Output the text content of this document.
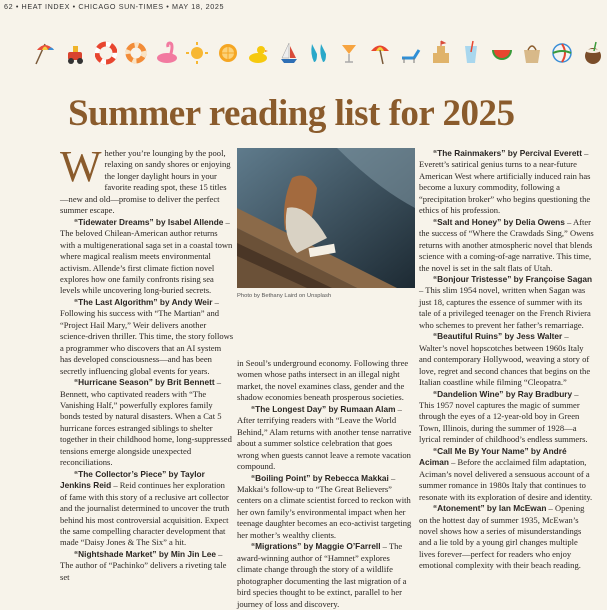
62 • HEAT INDEX • CHICAGO SUN-TIMES • MAY 18, 2025
Summer reading list for 2025

Whether you’re lounging by the pool, relaxing on sandy shores or enjoying the longer daylight hours in your favorite reading spot, these 15 titles—new and old—promise to deliver the perfect summer escape.

“Tidewater Dreams” by Isabel Allende – The beloved Chilean-American author returns with a multigenerational saga set in a coastal town where magical realism meets environmental activism. Allende’s first climate fiction novel explores how one family confronts rising sea levels while uncovering long-buried secrets.

“The Last Algorithm” by Andy Weir – Following his success with “The Martian” and “Project Hail Mary,” Weir delivers another science-driven thriller. This time, the story follows a programmer who discovers that an AI system has developed consciousness—and has been secretly influencing global events for years.

“Hurricane Season” by Brit Bennett – Bennett, who captivated readers with “The Vanishing Half,” powerfully explores family bonds tested by natural disasters. When a Cat 5 hurricane forces estranged siblings to shelter together in their childhood home, long-suppressed tensions emerge alongside unexpected reconciliations.

“The Collector’s Piece” by Taylor Jenkins Reid – Reid continues her exploration of fame with this story of a reclusive art collector and the journalist determined to uncover the truth behind his most controversial acquisition. Expect the same compelling character development that made “Daisy Jones & The Six” a hit.

“Nightshade Market” by Min Jin Lee – The author of “Pachinko” delivers a riveting tale set

Photo by Bethany Laird on Unsplash

in Seoul’s underground economy. Following three women whose paths intersect in an illegal night market, the novel examines class, gender and the shadow economies beneath prosperous societies.

“The Longest Day” by Rumaan Alam – After terrifying readers with “Leave the World Behind,” Alam returns with another tense narrative about a summer solstice celebration that goes wrong when guests cannot leave a remote vacation compound.

“Boiling Point” by Rebecca Makkai – Makkai’s follow-up to “The Great Believers” centers on a climate scientist forced to reckon with her own family’s environmental impact when her teenage daughter becomes an eco-activist targeting her mother’s wealthy clients.

“Migrations” by Maggie O’Farrell – The award-winning author of “Hamnet” explores climate change through the story of a wildlife photographer documenting the last migration of a bird species thought to be extinct, parallel to her journey of loss and discovery.

“The Rainmakers” by Percival Everett – Everett’s satirical genius turns to a near-future American West where artificially induced rain has become a luxury commodity, following a “precipitation broker” who begins questioning the ethics of his profession.

“Salt and Honey” by Delia Owens – After the success of “Where the Crawdads Sing,” Owens returns with another atmospheric novel that blends science with a coming-of-age narrative. This time, the novel is set in the salt flats of Utah.

“Bonjour Tristesse” by Françoise Sagan – This slim 1954 novel, written when Sagan was just 18, captures the essence of summer with its tale of a privileged teenager on the French Riviera who schemes to prevent her father’s remarriage.

“Beautiful Ruins” by Jess Walter – Walter’s novel hopscotches between 1960s Italy and contemporary Hollywood, weaving a story of love, regret and second chances that begins on the Italian coastline while filming “Cleopatra.”

“Dandelion Wine” by Ray Bradbury – This 1957 novel captures the magic of summer through the eyes of a 12-year-old boy in Green Town, Illinois, during the summer of 1928—a lyrical reminder of childhood’s endless summers.

“Call Me By Your Name” by André Aciman – Before the acclaimed film adaptation, Aciman’s novel delivered a sensuous account of a summer romance in 1980s Italy that continues to resonate with its exploration of desire and identity.

“Atonement” by Ian McEwan – Opening on the hottest day of summer 1935, McEwan’s novel shows how a series of misunderstandings and a lie told by a young girl changes multiple lives forever—perfect for readers who enjoy emotional complexity with their beach reading.
